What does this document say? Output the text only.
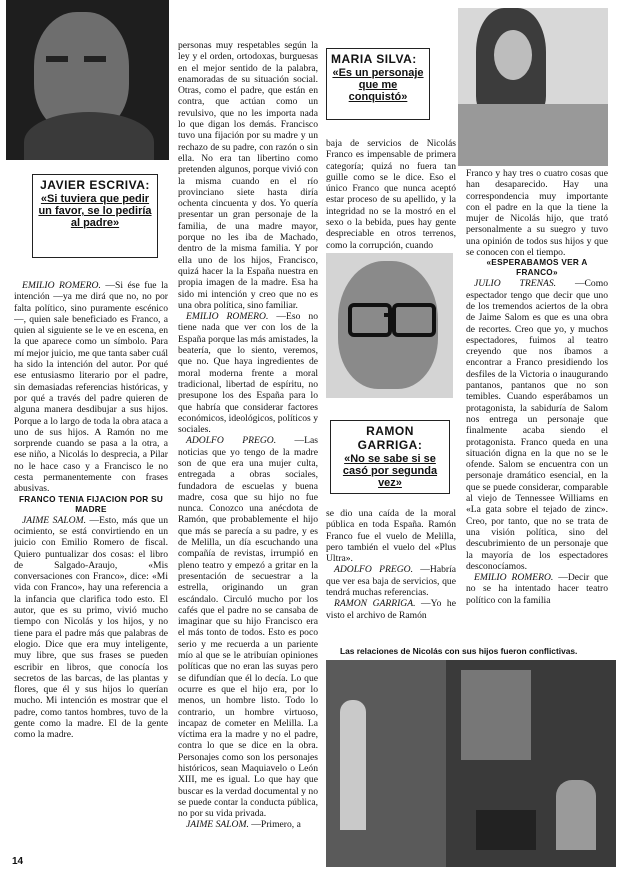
JAVIER ESCRIVA:
«Si tuviera que pedir un favor, se lo pediría al padre»
MARIA SILVA:
«Es un personaje que me conquistó»
RAMON GARRIGA:
«No se sabe si se casó por segunda vez»

EMILIO ROMERO. —Si ése fue la intención —ya me dirá que no, no por falta político, sino puramente escénico—, quien sale beneficiado es Franco, a quien al siguiente se le ve en escena, en la que aparece como un símbolo. Para mí mejor juicio, me que tanta saber cuál ha sido la intención del autor. Por qué ese entusiasmo literario por el padre, sin demasiadas referencias históricas, y por qué a través del padre quieren de alguna manera desdibujar a sus hijos. Porque a lo largo de toda la obra ataca a uno de sus hijos. A Ramón no me sorprende cuando se pasa a la otra, a ese niño, a Nicolás lo desprecia, a Pilar no le hace caso y a Francisco le no cesta permanentemente con frases abusivas.

FRANCO TENIA FIJACION POR SU MADRE

JAIME SALOM. —Esto, más que un ocimiento, se está convirtiendo en un juicio con Emilio Romero de fiscal. Quiero puntualizar dos cosas: el libro de Salgado-Araujo, «Mis conversaciones con Franco», dice: «Mi vida con Franco», hay una referencia a la infancia que clarifica todo esto. El autor, que es su primo, vivió mucho tiempo con Nicolás y los hijos, y no tiene para el padre más que palabras de elogio. Dice que era muy inteligente, muy libre, que sus frases se pueden escribir en libros, que conocía los secretos de las barcas, de las plantas y flores, que él y sus hijos lo querían mucho. Mi intención es mostrar que el padre, como tantos hombres, tuvo de la gente como la madre. El de la gente como la madre.

personas muy respetables según la ley y el orden, ortodoxas, burguesas en el mejor sentido de la palabra, enamoradas de su situación social. Otras, como el padre, que están en contra, que actúan como un revulsivo, que no les importa nada lo que digan los demás. Francisco tuvo una fijación por su madre y un rechazo de su padre, con razón o sin ella. No era tan libertino como pretenden algunos, porque vivió con la misma cuando en el río provinciano siete hasta diría ochenta cincuenta y dos. Yo quería presentar un gran personaje de la familia, de una madre mayor, porque no les iba de Machado, dentro de la misma familia. Y por ella uno de los hijos, Francisco, quizá hacer la la España nuestra en propia imagen de la madre. Esa ha sido mi intención y creo que no es una obra política, sino familiar.

EMILIO ROMERO. —Eso no tiene nada que ver con los de la España porque las más amistades, la beatería, que lo siento, veremos, que no. Que haya ingredientes de moral moderna frente a moral tradicional, libertad de espíritu, no presupone los des España para lo que habría que considerar factores económicos, ideológicos, políticos y sociales.

ADOLFO PREGO. —Las noticias que yo tengo de la madre son de que era una mujer culta, entregada a obras sociales, fundadora de escuelas y buena madre, cosa que su hijo no fue nunca. Conozco una anécdota de Ramón, que probablemente el hijo que más se parecía a su padre, y es de Melilla, un día escuchando una compañía de revistas, irrumpió en pleno teatro y empezó a gritar en la presentación de secuestrar a la estrella, originando un gran escándalo. Circuló mucho por los cafés que el padre no se cansaba de imaginar que su hijo Francisco era el más tonto de todos. Esto es poco serio y me recuerda a un pariente mío al que se le atribuían opiniones políticas que no eran las suyas pero se difundían que él lo decía. Lo que ocurre es que el hijo era, por lo menos, un hombre listo. Todo lo contrario, un hombre virtuoso, incapaz de cometer en Melilla. La víctima era la madre y no el padre, contra lo que se dice en la obra. Personajes como son los personajes históricos, sean Maquiavelo o León XIII, me es igual. Lo que hay que buscar es la verdad documental y no se puede contar la conducta pública, no por su vida privada.

JAIME SALOM. —Primero, a

baja de servicios de Nicolás Franco es impensable de primera categoría; quizá no fuera tan guille como se le dice. Eso el único Franco que nunca aceptó estar proceso de su apellido, y la integridad no se la mostró en el sexo o la bebida, pues hay gente despreciable en otros terrenos, como la corrupción, cuando

se dio una caída de la moral pública en toda España. Ramón Franco fue el vuelo de Melilla, pero también el vuelo del «Plus Ultra».

ADOLFO PREGO. —Habría que ver esa baja de servicios, que tendrá muchas referencias.

RAMON GARRIGA. —Yo he visto el archivo de Ramón

Franco y hay tres o cuatro cosas que han desaparecido. Hay una correspondencia muy importante con el padre en la que la tiene la mujer de Nicolás hijo, que trató personalmente a su suegro y tuvo una opinión de todos sus hijos y que se conocen con el tiempo.

«ESPERABAMOS VER A FRANCO»

JULIO TRENAS. —Como espectador tengo que decir que uno de los tremendos aciertos de la obra de Jaime Salom es que es una obra de recortes. Creo que yo, y muchos espectadores, fuimos al teatro creyendo que nos íbamos a encontrar a Franco presidiendo los desfiles de la Victoria o inaugurando pantanos, pantanos que no son temibles. Cuando esperábamos un protagonista, la sabiduría de Salom nos entrega un personaje que finalmente acaba siendo el protagonista. Franco queda en una situación digna en la que no se le ofende. Salom se encuentra con un personaje dramático esencial, en la que se puede considerar, comparable al viejo de Tennessee Williams en «La gata sobre el tejado de zinc». Creo, por tanto, que no se trata de una visión política, sino del descubrimiento de un personaje que la mayoría de los espectadores desconocíamos.

EMILIO ROMERO. —Decir que no se ha intentado hacer teatro político con la familia

Las relaciones de Nicolás con sus hijos fueron conflictivas.
14
